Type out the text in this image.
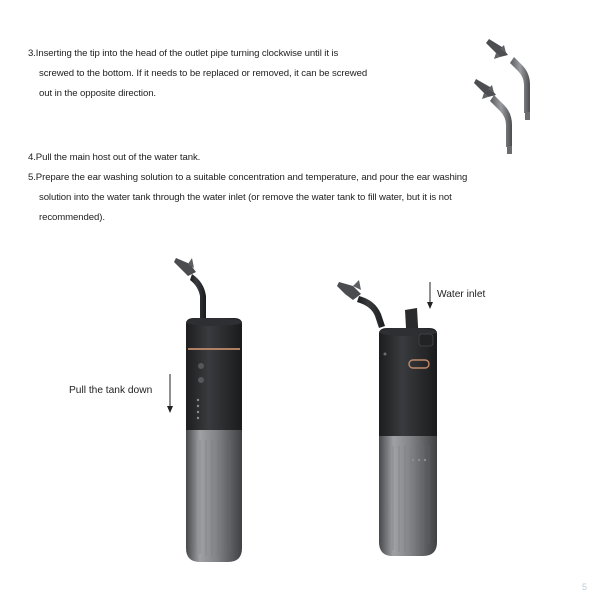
3.Inserting the tip into the head of the outlet pipe turning clockwise until it is
screwed to the bottom. If it needs to be replaced or removed, it can be screwed
out in the opposite direction.
4.Pull the main host out of the water tank.
5.Prepare the ear washing solution to a suitable concentration and temperature, and pour the ear washing
solution into the water tank through the water inlet (or remove the water tank to fill water, but it is not
recommended).
Pull the tank down
Water inlet
5
